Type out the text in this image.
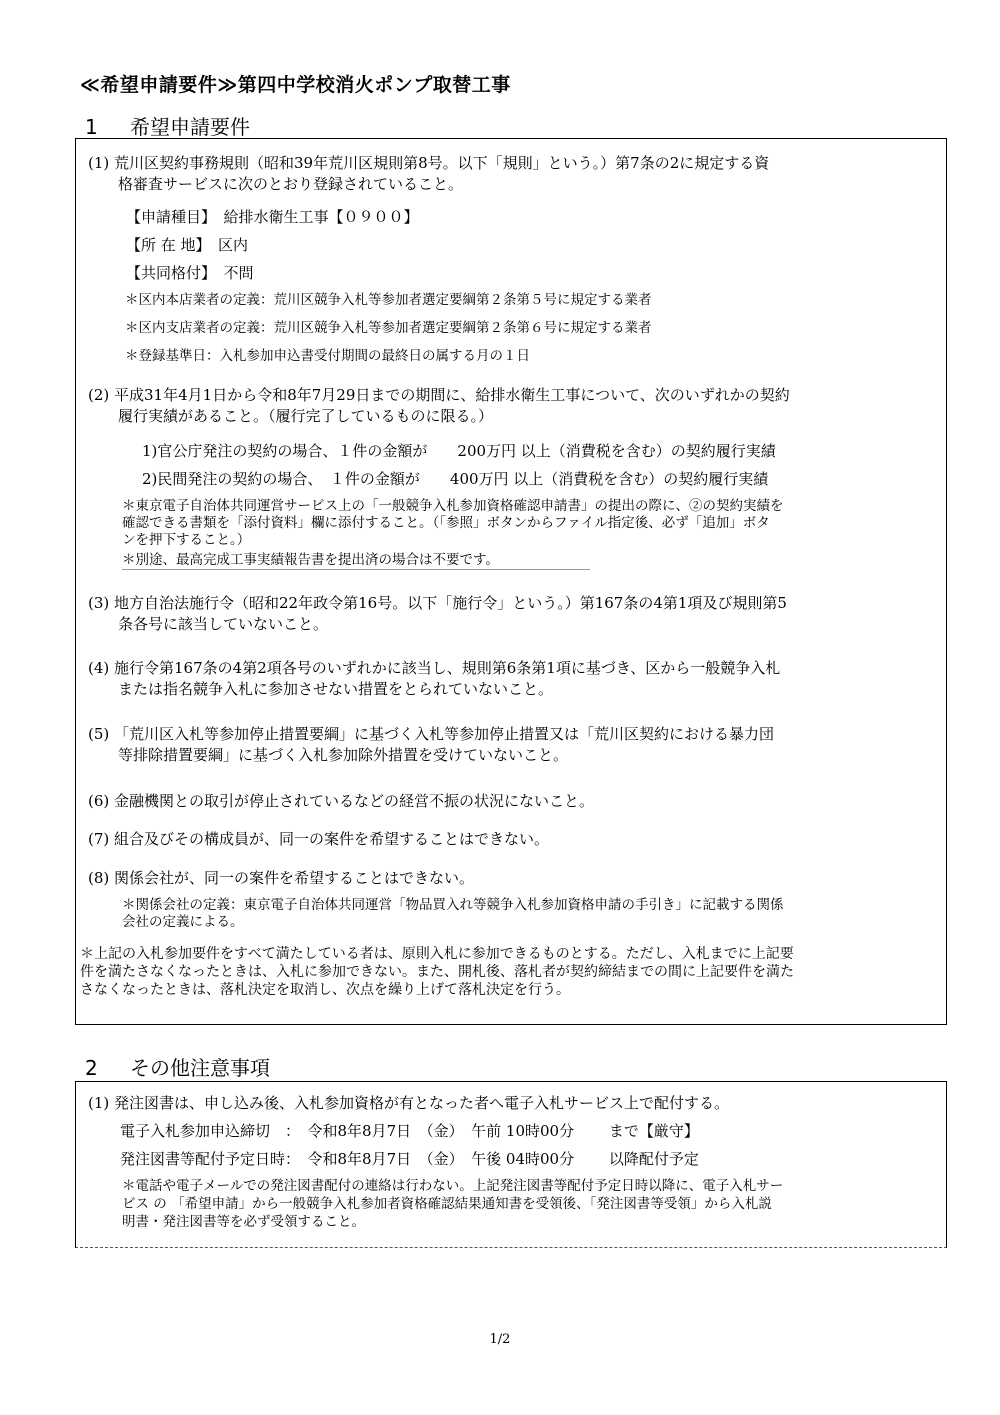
≪希望申請要件≫第四中学校消火ポンプ取替工事
1 希望申請要件
(1) 荒川区契約事務規則（昭和39年荒川区規則第8号。以下「規則」という。）第7条の2に規定する資
格審査サービスに次のとおり登録されていること。
【申請種目】　給排水衛生工事【０９００】
【所 在 地】　区内
【共同格付】　不問
＊区内本店業者の定義：荒川区競争入札等参加者選定要綱第２条第５号に規定する業者
＊区内支店業者の定義：荒川区競争入札等参加者選定要綱第２条第６号に規定する業者
＊登録基準日：入札参加申込書受付期間の最終日の属する月の１日
(2) 平成31年4月1日から令和8年7月29日までの期間に、給排水衛生工事について、次のいずれかの契約
履行実績があること。（履行完了しているものに限る。）
1)官公庁発注の契約の場合、１件の金額が　　200万円 以上（消費税を含む）の契約履行実績
2)民間発注の契約の場合、　１件の金額が　　400万円 以上（消費税を含む）の契約履行実績
＊東京電子自治体共同運営サービス上の「一般競争入札参加資格確認申請書」の提出の際に、②の契約実績を
確認できる書類を「添付資料」欄に添付すること。（「参照」ボタンからファイル指定後、必ず「追加」ボタ
ンを押下すること。）
＊別途、最高完成工事実績報告書を提出済の場合は不要です。
(3) 地方自治法施行令（昭和22年政令第16号。以下「施行令」という。）第167条の4第1項及び規則第5
条各号に該当していないこと。
(4) 施行令第167条の4第2項各号のいずれかに該当し、規則第6条第1項に基づき、区から一般競争入札
または指名競争入札に参加させない措置をとられていないこと。
(5) 「荒川区入札等参加停止措置要綱」に基づく入札等参加停止措置又は「荒川区契約における暴力団
等排除措置要綱」に基づく入札参加除外措置を受けていないこと。
(6) 金融機関との取引が停止されているなどの経営不振の状況にないこと。
(7) 組合及びその構成員が、同一の案件を希望することはできない。
(8) 関係会社が、同一の案件を希望することはできない。
＊関係会社の定義：東京電子自治体共同運営「物品買入れ等競争入札参加資格申請の手引き」に記載する関係
会社の定義による。
＊上記の入札参加要件をすべて満たしている者は、原則入札に参加できるものとする。ただし、入札までに上記要
件を満たさなくなったときは、入札に参加できない。また、開札後、落札者が契約締結までの間に上記要件を満た
さなくなったときは、落札決定を取消し、次点を繰り上げて落札決定を行う。
2 その他注意事項
(1) 発注図書は、申し込み後、入札参加資格が有となった者へ電子入札サービス上で配付する。
電子入札参加申込締切　：　令和8年8月7日　（金）　午前 10時00分　　 まで【厳守】
発注図書等配付予定日時：　令和8年8月7日　（金）　午後 04時00分　　 以降配付予定
＊電話や電子メールでの発注図書配付の連絡は行わない。上記発注図書等配付予定日時以降に、電子入札サー
ビス の 「希望申請」から一般競争入札参加者資格確認結果通知書を受領後、「発注図書等受領」から入札説
明書・発注図書等を必ず受領すること。
1/2
